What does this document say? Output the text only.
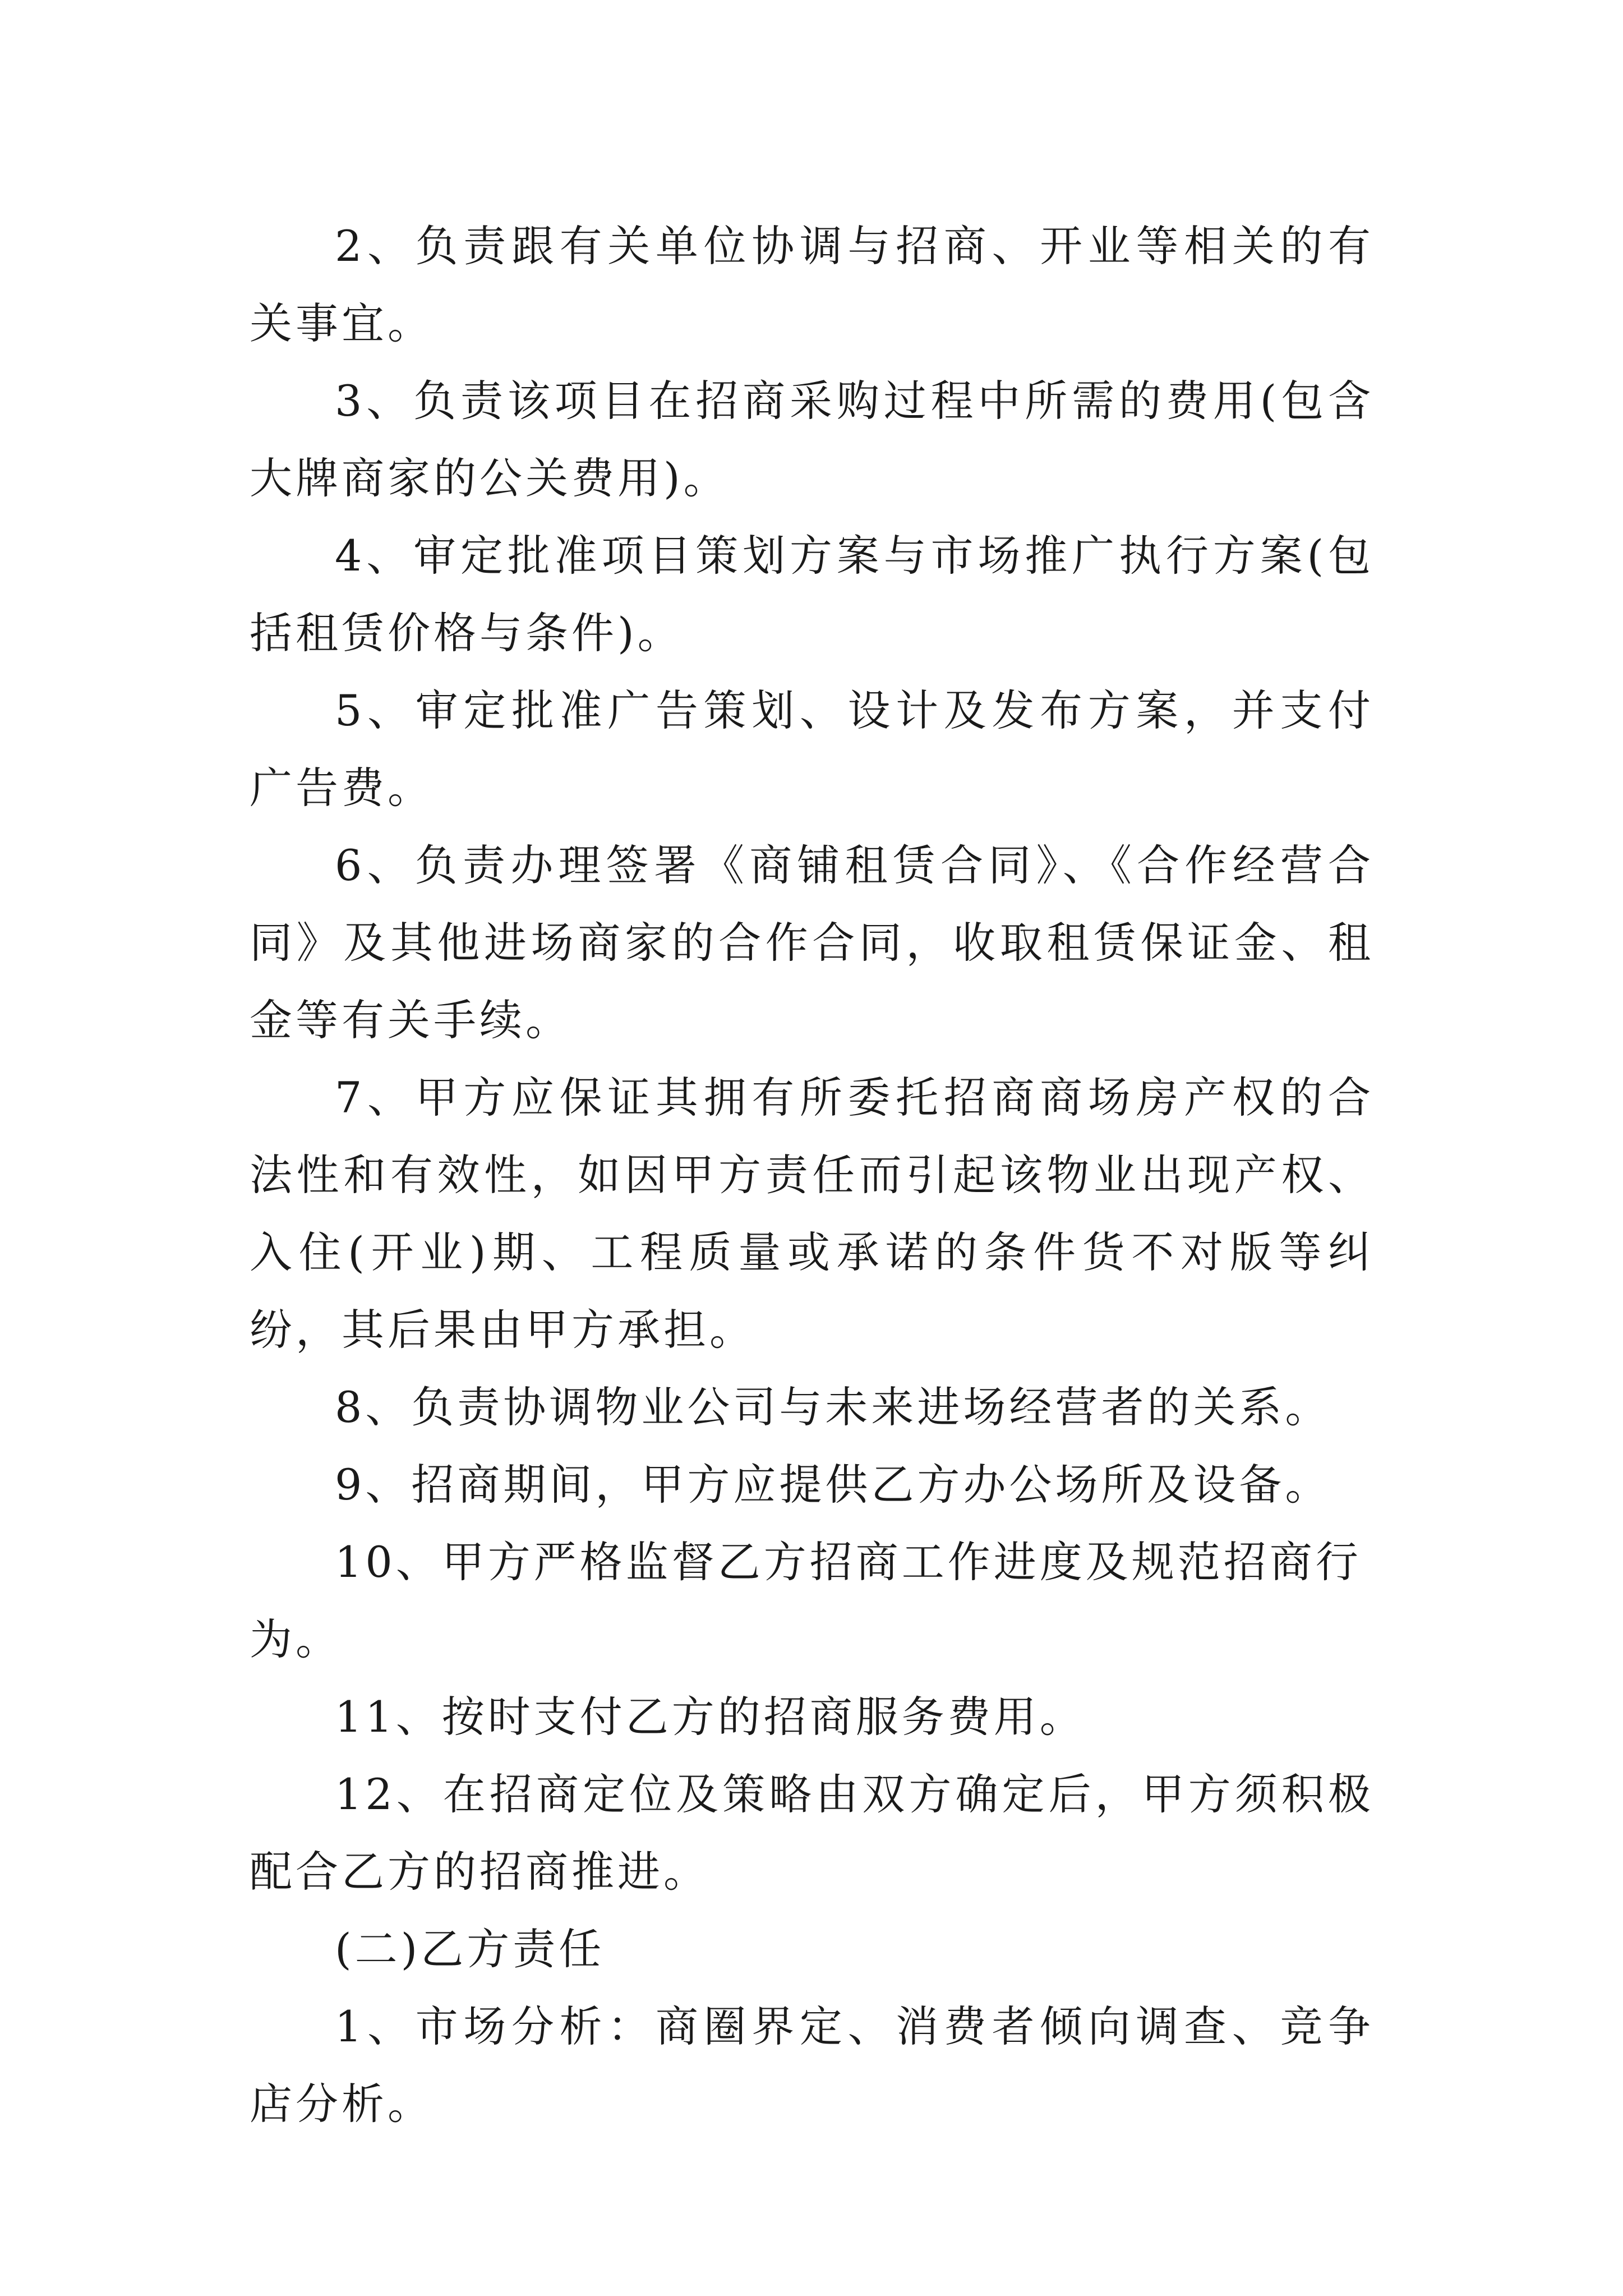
2、负责跟有关单位协调与招商、开业等相关的有关事宜。

3、负责该项目在招商采购过程中所需的费用(包含大牌商家的公关费用)。

4、审定批准项目策划方案与市场推广执行方案(包括租赁价格与条件)。

5、审定批准广告策划、设计及发布方案，并支付广告费。

6、负责办理签署《商铺租赁合同》、《合作经营合同》及其他进场商家的合作合同，收取租赁保证金、租金等有关手续。

7、甲方应保证其拥有所委托招商商场房产权的合法性和有效性，如因甲方责任而引起该物业出现产权、入住(开业)期、工程质量或承诺的条件货不对版等纠纷，其后果由甲方承担。

8、负责协调物业公司与未来进场经营者的关系。

9、招商期间，甲方应提供乙方办公场所及设备。

10、甲方严格监督乙方招商工作进度及规范招商行为。

11、按时支付乙方的招商服务费用。

12、在招商定位及策略由双方确定后，甲方须积极配合乙方的招商推进。

(二)乙方责任

1、市场分析：商圈界定、消费者倾向调查、竞争店分析。
